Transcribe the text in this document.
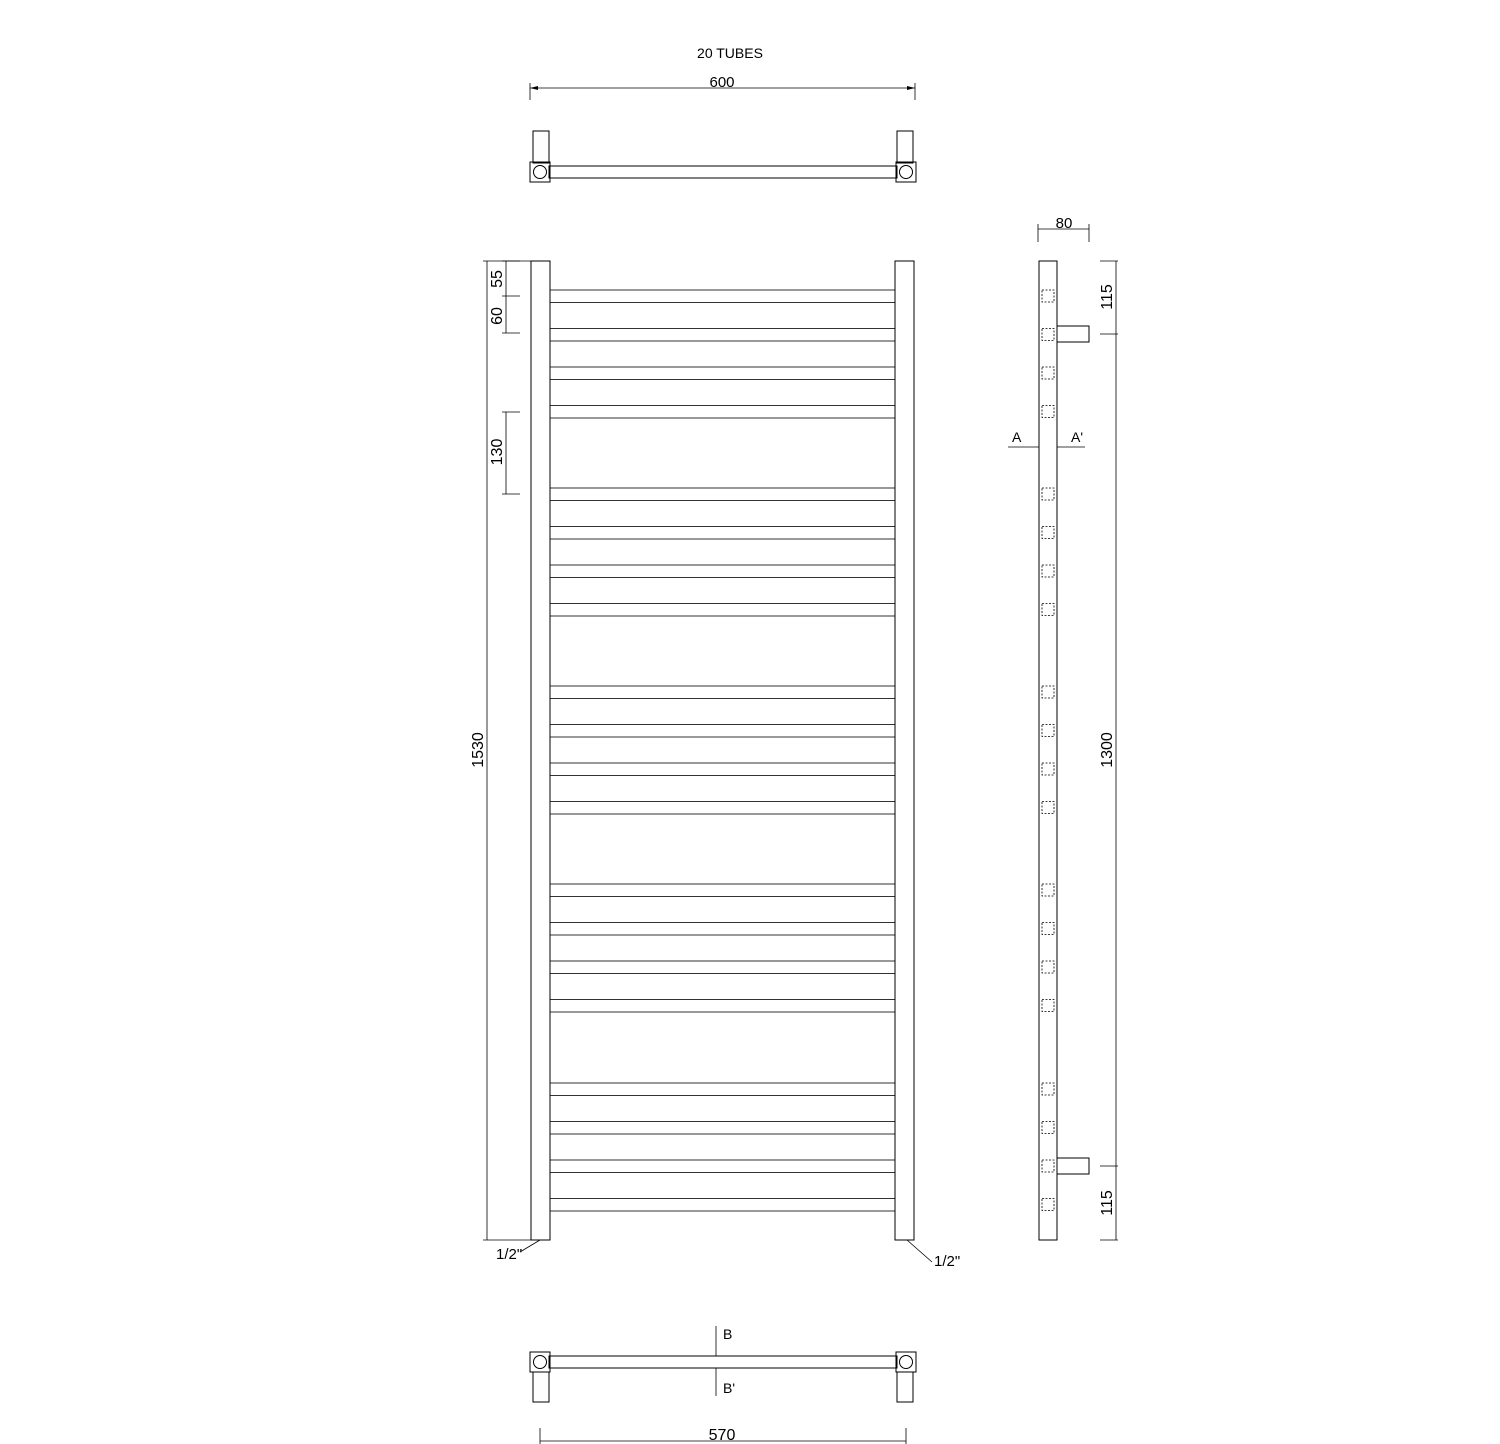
20 TUBES
600
1530
55
60
130
1/2"	1/2"
80
A	A'
115
1300
115
B
B'
570
